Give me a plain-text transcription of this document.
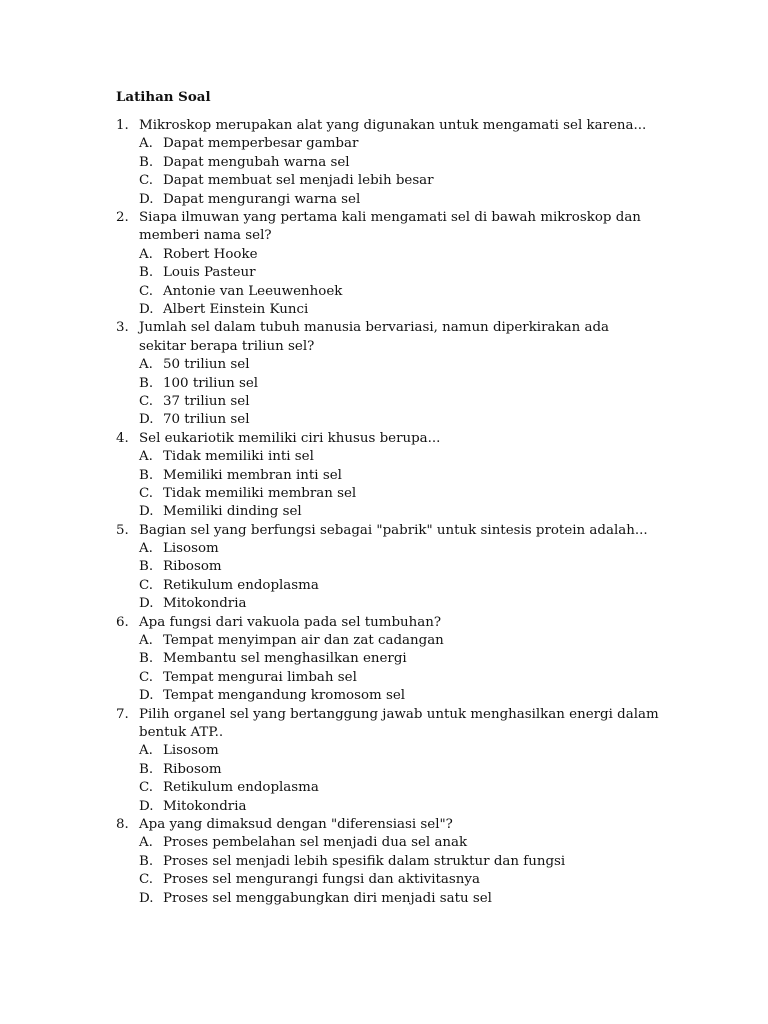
Latihan Soal
1. Mikroskop merupakan alat yang digunakan untuk mengamati sel karena...
A. Dapat memperbesar gambar
B. Dapat mengubah warna sel
C. Dapat membuat sel menjadi lebih besar
D. Dapat mengurangi warna sel
2. Siapa ilmuwan yang pertama kali mengamati sel di bawah mikroskop dan memberi nama sel?
A. Robert Hooke
B. Louis Pasteur
C. Antonie van Leeuwenhoek
D. Albert Einstein Kunci
3. Jumlah sel dalam tubuh manusia bervariasi, namun diperkirakan ada sekitar berapa triliun sel?
A. 50 triliun sel
B. 100 triliun sel
C. 37 triliun sel
D. 70 triliun sel
4. Sel eukariotik memiliki ciri khusus berupa...
A. Tidak memiliki inti sel
B. Memiliki membran inti sel
C. Tidak memiliki membran sel
D. Memiliki dinding sel
5. Bagian sel yang berfungsi sebagai "pabrik" untuk sintesis protein adalah...
A. Lisosom
B. Ribosom
C. Retikulum endoplasma
D. Mitokondria
6. Apa fungsi dari vakuola pada sel tumbuhan?
A. Tempat menyimpan air dan zat cadangan
B. Membantu sel menghasilkan energi
C. Tempat mengurai limbah sel
D. Tempat mengandung kromosom sel
7. Pilih organel sel yang bertanggung jawab untuk menghasilkan energi dalam bentuk ATP..
A. Lisosom
B. Ribosom
C. Retikulum endoplasma
D. Mitokondria
8. Apa yang dimaksud dengan "diferensiasi sel"?
A. Proses pembelahan sel menjadi dua sel anak
B. Proses sel menjadi lebih spesifik dalam struktur dan fungsi
C. Proses sel mengurangi fungsi dan aktivitasnya
D. Proses sel menggabungkan diri menjadi satu sel
